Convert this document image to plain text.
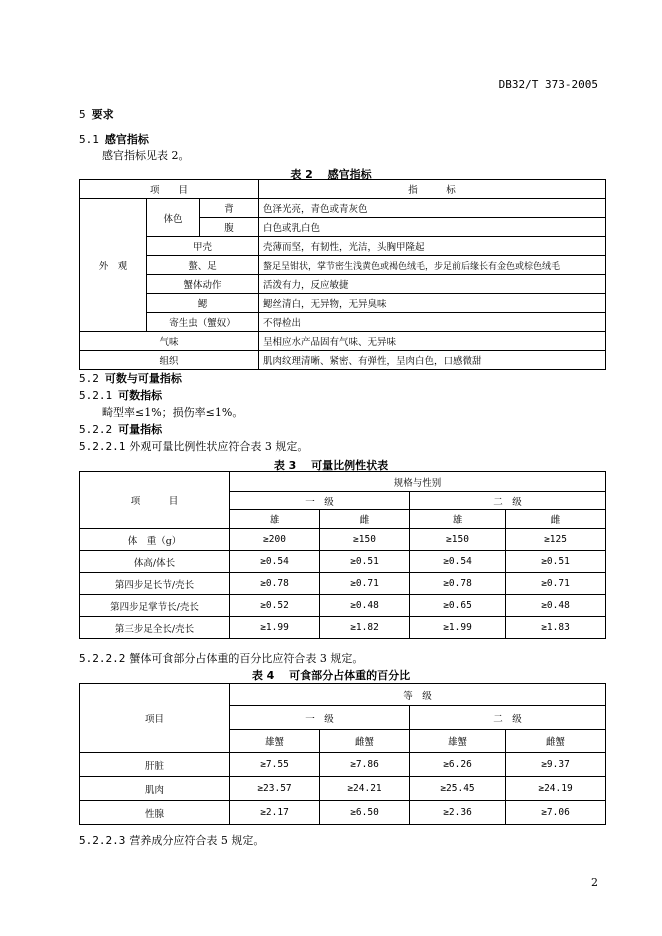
DB32/T 373-2005
5 要求
5.1 感官指标
感官指标见表 2。
表 2　 感官指标
项　　目			指　　　标
外　观	体色	背	色泽光亮，青色或青灰色
		腹	白色或乳白色
	甲壳		壳薄而坚，有韧性，光洁，头胸甲隆起
	螯、足		螯足呈钳状，掌节密生浅黄色或褐色绒毛，步足前后缘长有金色或棕色绒毛
	蟹体动作		活泼有力，反应敏捷
	鳃		鳃丝清白，无异物，无异臭味
	寄生虫（蟹奴）		不得检出
气味			呈相应水产品固有气味、无异味
组织			肌肉纹理清晰、紧密、有弹性，呈肉白色，口感微甜
5.2 可数与可量指标
5.2.1 可数指标
畸型率≤1%；损伤率≤1%。
5.2.2 可量指标
5.2.2.1 外观可量比例性状应符合表 3 规定。
表 3　 可量比例性状表
项　　　目	规格与性别			
	一　级		二　级	
	雄	雌	雄	雌
体　重（g）	≥200	≥150	≥150	≥125
体高/体长	≥0.54	≥0.51	≥0.54	≥0.51
第四步足长节/壳长	≥0.78	≥0.71	≥0.78	≥0.71
第四步足掌节长/壳长	≥0.52	≥0.48	≥0.65	≥0.48
第三步足全长/壳长	≥1.99	≥1.82	≥1.99	≥1.83
5.2.2.2 蟹体可食部分占体重的百分比应符合表 3 规定。
表 4　 可食部分占体重的百分比
项目	等　级			
	一　级		二　级	
	雄蟹	雌蟹	雄蟹	雌蟹
肝脏	≥7.55	≥7.86	≥6.26	≥9.37
肌肉	≥23.57	≥24.21	≥25.45	≥24.19
性腺	≥2.17	≥6.50	≥2.36	≥7.06
5.2.2.3 营养成分应符合表 5 规定。
2
